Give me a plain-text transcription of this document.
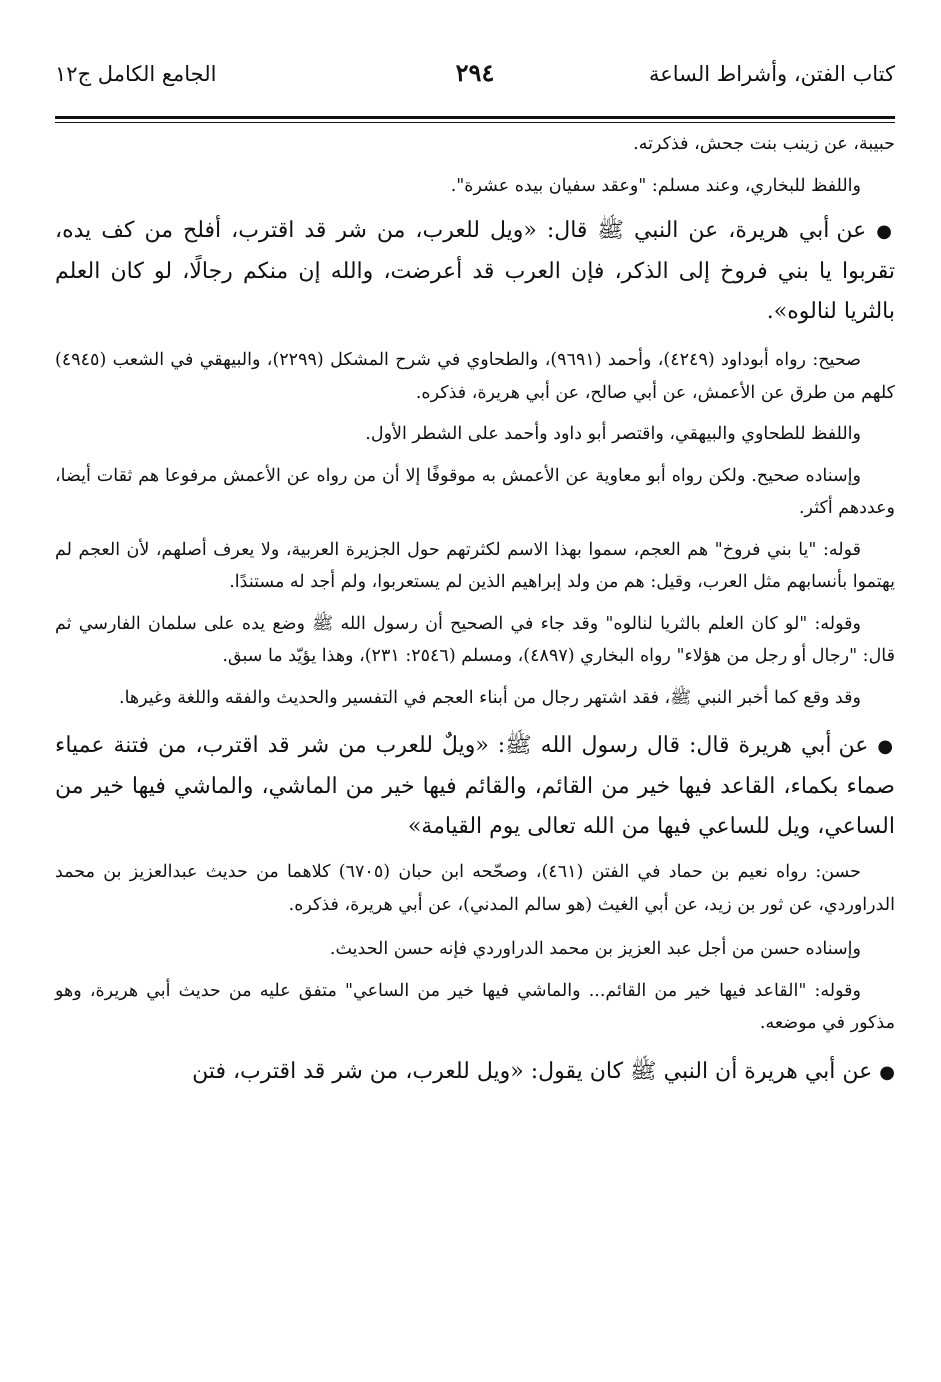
كتاب الفتن، وأشراط الساعة
٢٩٤
الجامع الكامل ج١٢

حبيبة، عن زينب بنت جحش، فذكرته.

واللفظ للبخاري، وعند مسلم: "وعقد سفيان بيده عشرة".

● عن أبي هريرة، عن النبي ﷺ قال: «ويل للعرب، من شر قد اقترب، أفلح من كف يده، تقربوا يا بني فروخ إلى الذكر، فإن العرب قد أعرضت، والله إن منكم رجالًا، لو كان العلم بالثريا لنالوه».

صحيح: رواه أبوداود (٤٢٤٩)، وأحمد (٩٦٩١)، والطحاوي في شرح المشكل (٢٢٩٩)، والبيهقي في الشعب (٤٩٤٥) كلهم من طرق عن الأعمش، عن أبي صالح، عن أبي هريرة، فذكره.

واللفظ للطحاوي والبيهقي، واقتصر أبو داود وأحمد على الشطر الأول.

وإسناده صحيح. ولكن رواه أبو معاوية عن الأعمش به موقوفًا إلا أن من رواه عن الأعمش مرفوعا هم ثقات أيضا، وعددهم أكثر.

قوله: "يا بني فروخ" هم العجم، سموا بهذا الاسم لكثرتهم حول الجزيرة العربية، ولا يعرف أصلهم، لأن العجم لم يهتموا بأنسابهم مثل العرب، وقيل: هم من ولد إبراهيم الذين لم يستعربوا، ولم أجد له مستندًا.

وقوله: "لو كان العلم بالثريا لنالوه" وقد جاء في الصحيح أن رسول الله ﷺ وضع يده على سلمان الفارسي ثم قال: "رجال أو رجل من هؤلاء" رواه البخاري (٤٨٩٧)، ومسلم (٢٥٤٦: ٢٣١)، وهذا يؤيّد ما سبق.

وقد وقع كما أخبر النبي ﷺ، فقد اشتهر رجال من أبناء العجم في التفسير والحديث والفقه واللغة وغيرها.

● عن أبي هريرة قال: قال رسول الله ﷺ: «ويلٌ للعرب من شر قد اقترب، من فتنة عمياء صماء بكماء، القاعد فيها خير من القائم، والقائم فيها خير من الماشي، والماشي فيها خير من الساعي، ويل للساعي فيها من الله تعالى يوم القيامة»

حسن: رواه نعيم بن حماد في الفتن (٤٦١)، وصحّحه ابن حبان (٦٧٠٥) كلاهما من حديث عبدالعزيز بن محمد الدراوردي، عن ثور بن زيد، عن أبي الغيث (هو سالم المدني)، عن أبي هريرة، فذكره.

وإسناده حسن من أجل عبد العزيز بن محمد الدراوردي فإنه حسن الحديث.

وقوله: "القاعد فيها خير من القائم... والماشي فيها خير من الساعي" متفق عليه من حديث أبي هريرة، وهو مذكور في موضعه.

● عن أبي هريرة أن النبي ﷺ كان يقول: «ويل للعرب، من شر قد اقترب، فتن
